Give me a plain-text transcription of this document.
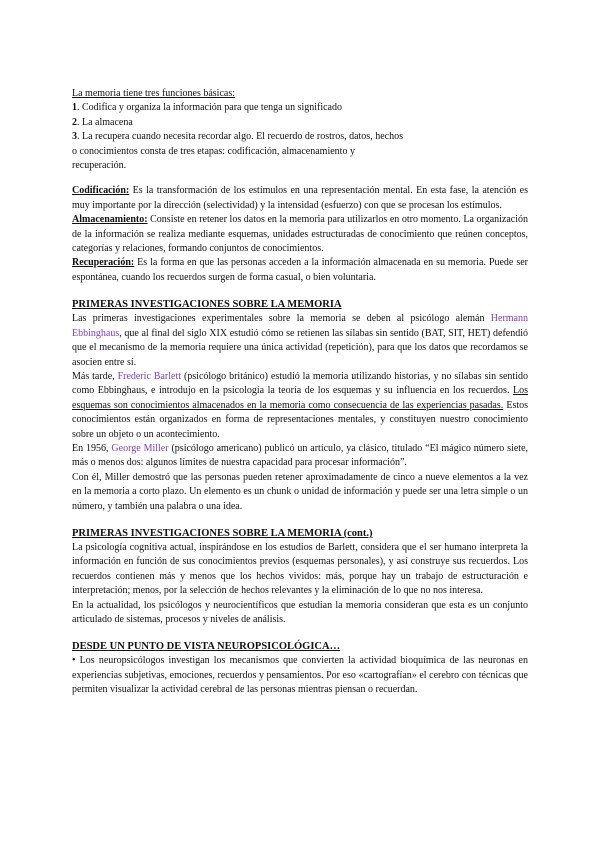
La memoria tiene tres funciones básicas:

1. Codifica y organiza la información para que tenga un significado

2. La almacena

3. La recupera cuando necesita recordar algo. El recuerdo de rostros, datos, hechos

o conocimientos consta de tres etapas: codificación, almacenamiento y

recuperación.

Codificación: Es la transformación de los estímulos en una representación mental. En esta fase, la atención es muy importante por la dirección (selectividad) y la intensidad (esfuerzo) con que se procesan los estímulos.

Almacenamiento: Consiste en retener los datos en la memoria para utilizarlos en otro momento. La organización de la información se realiza mediante esquemas, unidades estructuradas de conocimiento que reúnen conceptos, categorías y relaciones, formando conjuntos de conocimientos.

Recuperación: Es la forma en que las personas acceden a la información almacenada en su memoria. Puede ser espontánea, cuando los recuerdos surgen de forma casual, o bien voluntaria.

PRIMERAS INVESTIGACIONES SOBRE LA MEMORIA

Las primeras investigaciones experimentales sobre la memoria se deben al psicólogo alemán Hermann Ebbinghaus, que al final del siglo XIX estudió cómo se retienen las sílabas sin sentido (BAT, SIT, HET) defendió que el mecanismo de la memoria requiere una única actividad (repetición), para que los datos que recordamos se asocien entre sí.

Más tarde, Frederic Barlett (psicólogo británico) estudió la memoria utilizando historias, y no sílabas sin sentido como Ebbinghaus, e introdujo en la psicología la teoría de los esquemas y su influencia en los recuerdos. Los esquemas son conocimientos almacenados en la memoria como consecuencia de las experiencias pasadas. Estos conocimientos están organizados en forma de representaciones mentales, y constituyen nuestro conocimiento sobre un objeto o un acontecimiento.

En 1956, George Miller (psicólogo americano) publicó un artículo, ya clásico, titulado “El mágico número siete, más o menos dos: algunos límites de nuestra capacidad para procesar información”.

Con él, Miller demostró que las personas pueden retener aproximadamente de cinco a nueve elementos a la vez en la memoria a corto plazo. Un elemento es un chunk o unidad de información y puede ser una letra simple o un número, y también una palabra o una idea.

PRIMERAS INVESTIGACIONES SOBRE LA MEMORIA (cont.)

La psicología cognitiva actual, inspirándose en los estudios de Barlett, considera que el ser humano interpreta la información en función de sus conocimientos previos (esquemas personales), y así construye sus recuerdos. Los recuerdos contienen más y menos que los hechos vividos: más, porque hay un trabajo de estructuración e interpretación; menos, por la selección de hechos relevantes y la eliminación de lo que no nos interesa.

En la actualidad, los psicólogos y neurocientíficos que estudian la memoria consideran que esta es un conjunto articulado de sistemas, procesos y niveles de análisis.

DESDE UN PUNTO DE VISTA NEUROPSICOLÓGICA…

• Los neuropsicólogos investigan los mecanismos que convierten la actividad bioquímica de las neuronas en experiencias subjetivas, emociones, recuerdos y pensamientos. Por eso «cartografían» el cerebro con técnicas que permiten visualizar la actividad cerebral de las personas mientras piensan o recuerdan.
